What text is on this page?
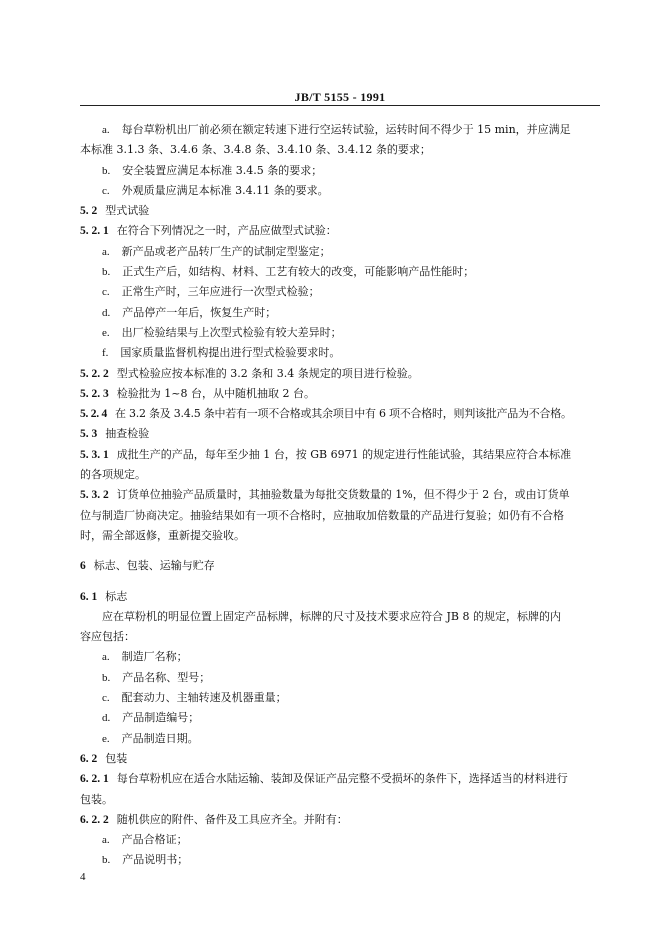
JB/T 5155 - 1991

a. 每台草粉机出厂前必须在额定转速下进行空运转试验，运转时间不得少于 15 min，并应满足

本标准 3.1.3 条、3.4.6 条、3.4.8 条、3.4.10 条、3.4.12 条的要求；

b. 安全装置应满足本标准 3.4.5 条的要求；

c. 外观质量应满足本标准 3.4.11 条的要求。

5. 2 型式试验

5. 2. 1 在符合下列情况之一时，产品应做型式试验：

a. 新产品或老产品转厂生产的试制定型鉴定；

b. 正式生产后，如结构、材料、工艺有较大的改变，可能影响产品性能时；

c. 正常生产时，三年应进行一次型式检验；

d. 产品停产一年后，恢复生产时；

e. 出厂检验结果与上次型式检验有较大差异时；

f. 国家质量监督机构提出进行型式检验要求时。

5. 2. 2 型式检验应按本标准的 3.2 条和 3.4 条规定的项目进行检验。

5. 2. 3 检验批为 1~8 台，从中随机抽取 2 台。

5. 2. 4 在 3.2 条及 3.4.5 条中若有一项不合格或其余项目中有 6 项不合格时，则判该批产品为不合格。

5. 3 抽查检验

5. 3. 1 成批生产的产品，每年至少抽 1 台，按 GB 6971 的规定进行性能试验，其结果应符合本标准

的各项规定。

5. 3. 2 订货单位抽验产品质量时，其抽验数量为每批交货数量的 1%，但不得少于 2 台，或由订货单

位与制造厂协商决定。抽验结果如有一项不合格时，应抽取加倍数量的产品进行复验；如仍有不合格

时，需全部返修，重新提交验收。

6 标志、包装、运输与贮存

6. 1 标志

应在草粉机的明显位置上固定产品标牌，标牌的尺寸及技术要求应符合 JB 8 的规定，标牌的内

容应包括：

a. 制造厂名称；

b. 产品名称、型号；

c. 配套动力、主轴转速及机器重量；

d. 产品制造编号；

e. 产品制造日期。

6. 2 包装

6. 2. 1 每台草粉机应在适合水陆运输、装卸及保证产品完整不受损坏的条件下，选择适当的材料进行

包装。

6. 2. 2 随机供应的附件、备件及工具应齐全。并附有：

a. 产品合格证；

b. 产品说明书；

4
